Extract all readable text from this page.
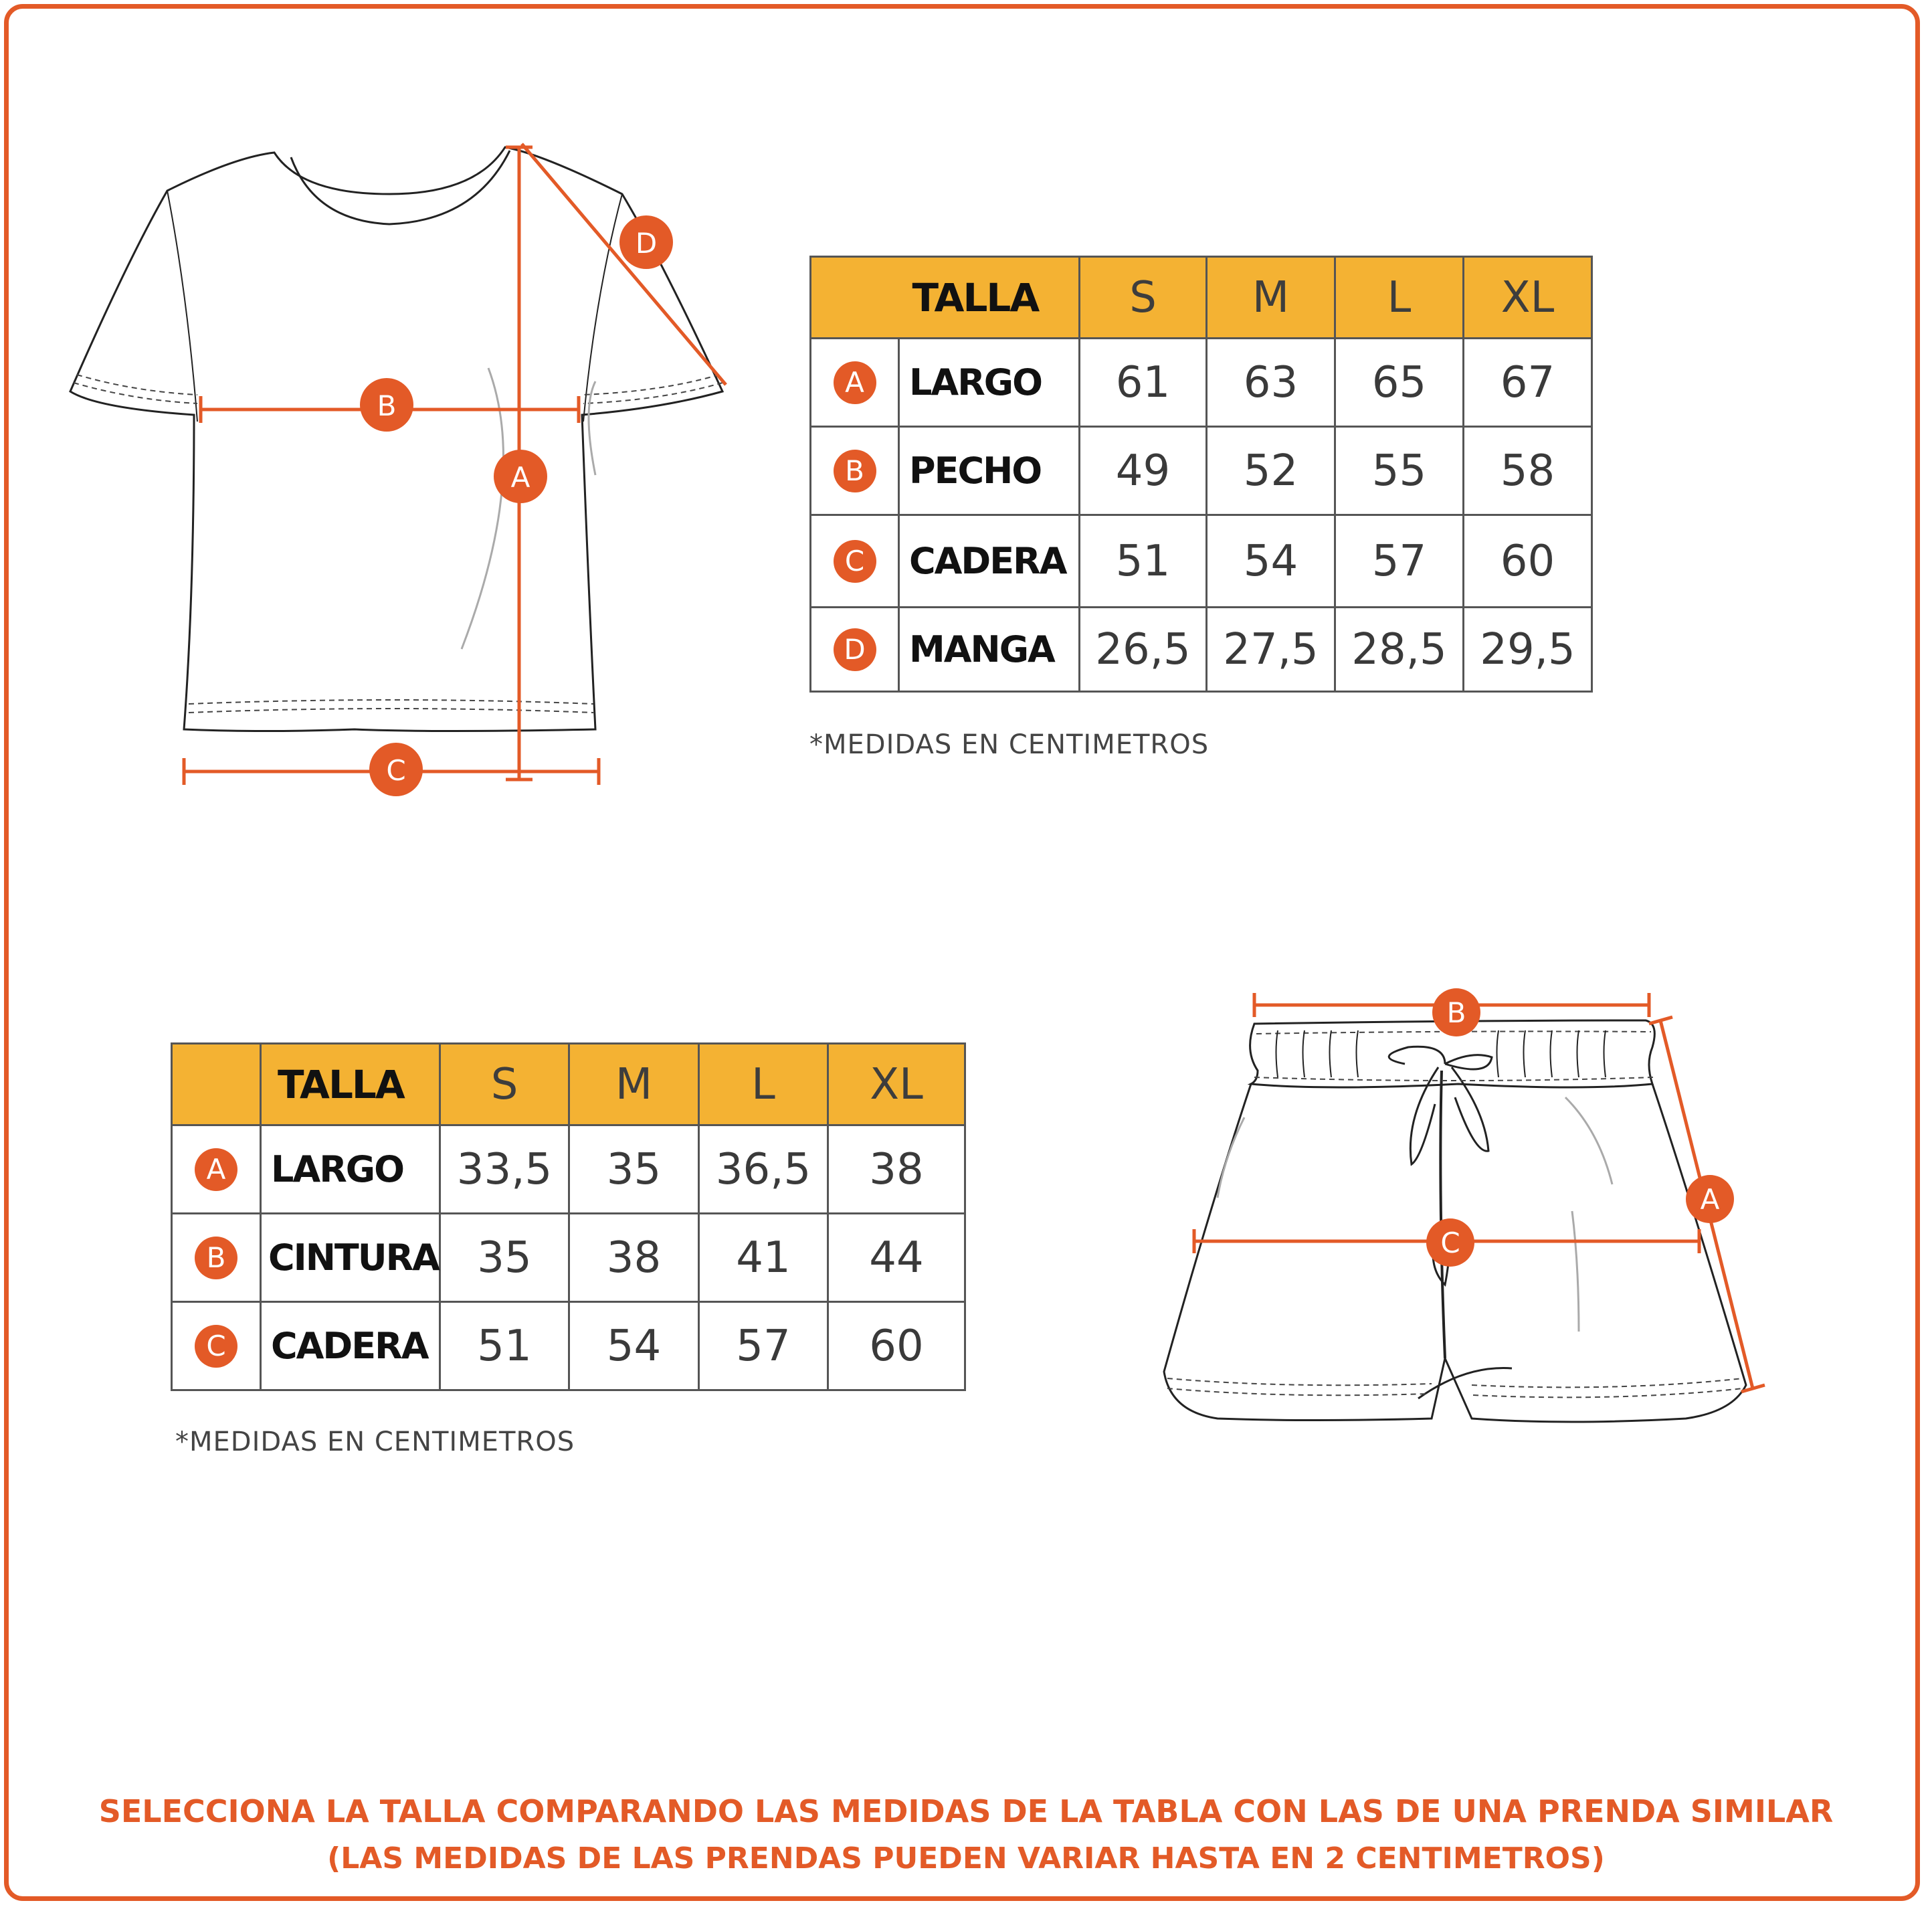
A
B
C
D
	TALLA	S	M	L	XL
A	LARGO	61	63	65	67
B	PECHO	49	52	55	58
C	CADERA	51	54	57	60
D	MANGA	26,5	27,5	28,5	29,5
*MEDIDAS EN CENTIMETROS
	TALLA	S	M	L	XL
A	LARGO	33,5	35	36,5	38
B	CINTURA	35	38	41	44
C	CADERA	51	54	57	60
*MEDIDAS EN CENTIMETROS
B
C
A
SELECCIONA LA TALLA COMPARANDO LAS MEDIDAS DE LA TABLA CON LAS DE UNA PRENDA SIMILAR
(LAS MEDIDAS DE LAS PRENDAS PUEDEN VARIAR HASTA EN 2 CENTIMETROS)
